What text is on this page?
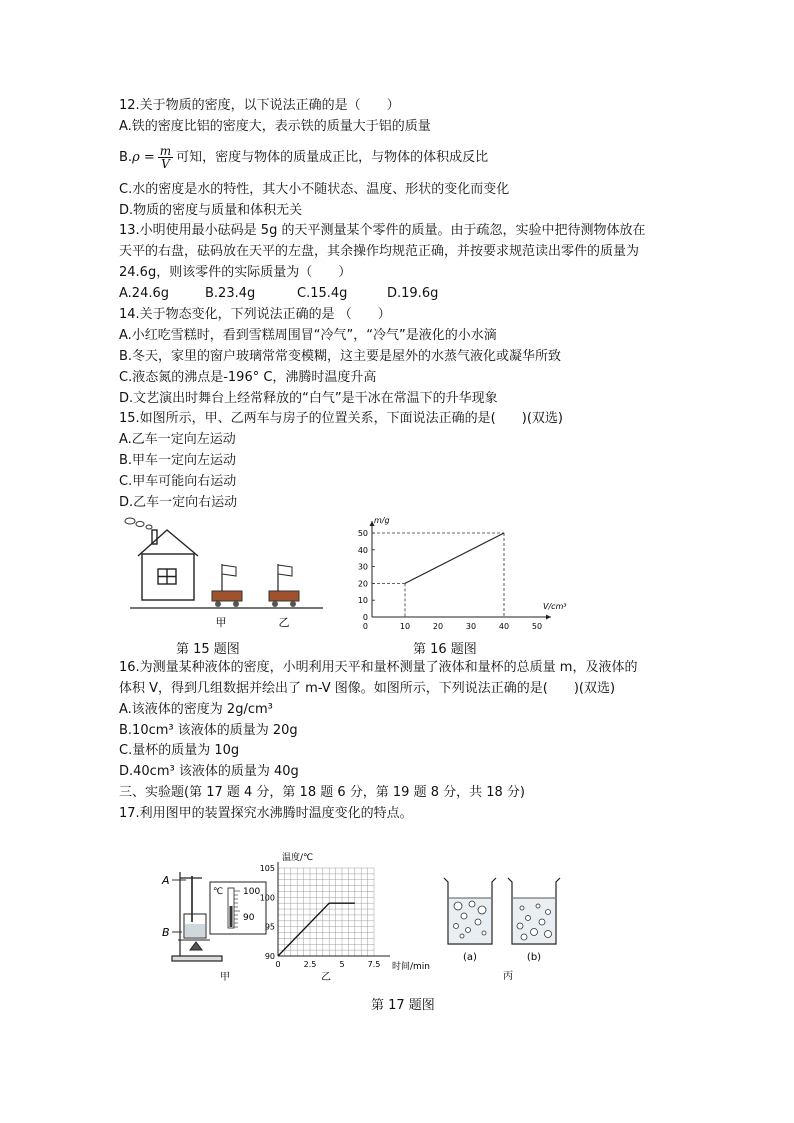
12.关于物质的密度，以下说法正确的是（　　）
A.铁的密度比铝的密度大，表示铁的质量大于铝的质量
$B.\rho = \frac{m}{V}$ 可知，密度与物体的质量成正比，与物体的体积成反比
C.水的密度是水的特性，其大小不随状态、温度、形状的变化而变化
D.物质的密度与质量和体积无关
13.小明使用最小砝码是 5g 的天平测量某个零件的质量。由于疏忽，实验中把待测物体放在
天平的右盘，砝码放在天平的左盘，其余操作均规范正确，并按要求规范读出零件的质量为
24.6g，则该零件的实际质量为（　　）
A.24.6g	B.23.4g	C.15.4g	D.19.6g
14.关于物态变化，下列说法正确的是 （　　）
A.小红吃雪糕时，看到雪糕周围冒“冷气”，“冷气”是液化的小水滴
B.冬天，家里的窗户玻璃常常变模糊，这主要是屋外的水蒸气液化或凝华所致
C.液态氮的沸点是-196° C，沸腾时温度升高
D.文艺演出时舞台上经常释放的“白气”是干冰在常温下的升华现象
15.如图所示，甲、乙两车与房子的位置关系，下面说法正确的是(　　)(双选)
A.乙车一定向左运动
B.甲车一定向左运动
C.甲车可能向右运动
D.乙车一定向右运动
甲	乙
第 15 题图
10	20	30	40	50
0
10
20
30
40
50
m/g
V/cm³
0
第 16 题图
16.为测量某种液体的密度，小明利用天平和量杯测量了液体和量杯的总质量 m，及液体的
体积 V，得到几组数据并绘出了 m-V 图像。如图所示，下列说法正确的是(　　)(双选)
A.该液体的密度为 2g/cm³
B.10cm³ 该液体的质量为 20g
C.量杯的质量为 10g
D.40cm³ 该液体的质量为 40g
三、实验题(第 17 题 4 分，第 18 题 6 分，第 19 题 8 分，共 18 分)
17.利用图甲的装置探究水沸腾时温度变化的特点。
A
B
℃ 100
90
甲
0	2.5	5	7.5
90
95
100
105
温度/℃
时间/min
乙
(a)	(b)
丙
第 17 题图
